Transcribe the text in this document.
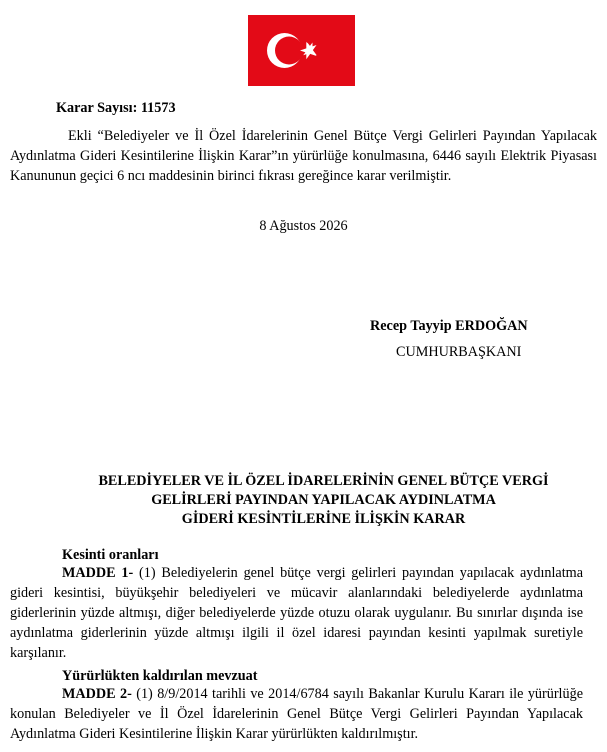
Karar Sayısı: 11573

Ekli “Belediyeler ve İl Özel İdarelerinin Genel Bütçe Vergi Gelirleri Payından Yapılacak Aydınlatma Gideri Kesintilerine İlişkin Karar”ın yürürlüğe konulmasına, 6446 sayılı Elektrik Piyasası Kanununun geçici 6 ncı maddesinin birinci fıkrası gereğince karar verilmiştir.

8 Ağustos 2026
Recep Tayyip ERDOĞAN
CUMHURBAŞKANI
BELEDİYELER VE İL ÖZEL İDARELERİNİN GENEL BÜTÇE VERGİ
GELİRLERİ PAYINDAN YAPILACAK AYDINLATMA
GİDERİ KESİNTİLERİNE İLİŞKİN KARAR
Kesinti oranları

MADDE 1- (1) Belediyelerin genel bütçe vergi gelirleri payından yapılacak aydınlatma gideri kesintisi, büyükşehir belediyeleri ve mücavir alanlarındaki belediyelerde aydınlatma giderlerinin yüzde altmışı, diğer belediyelerde yüzde otuzu olarak uygulanır. Bu sınırlar dışında ise aydınlatma giderlerinin yüzde altmışı ilgili il özel idaresi payından kesinti yapılmak suretiyle karşılanır.

Yürürlükten kaldırılan mevzuat

MADDE 2- (1) 8/9/2014 tarihli ve 2014/6784 sayılı Bakanlar Kurulu Kararı ile yürürlüğe konulan Belediyeler ve İl Özel İdarelerinin Genel Bütçe Vergi Gelirleri Payından Yapılacak Aydınlatma Gideri Kesintilerine İlişkin Karar yürürlükten kaldırılmıştır.
